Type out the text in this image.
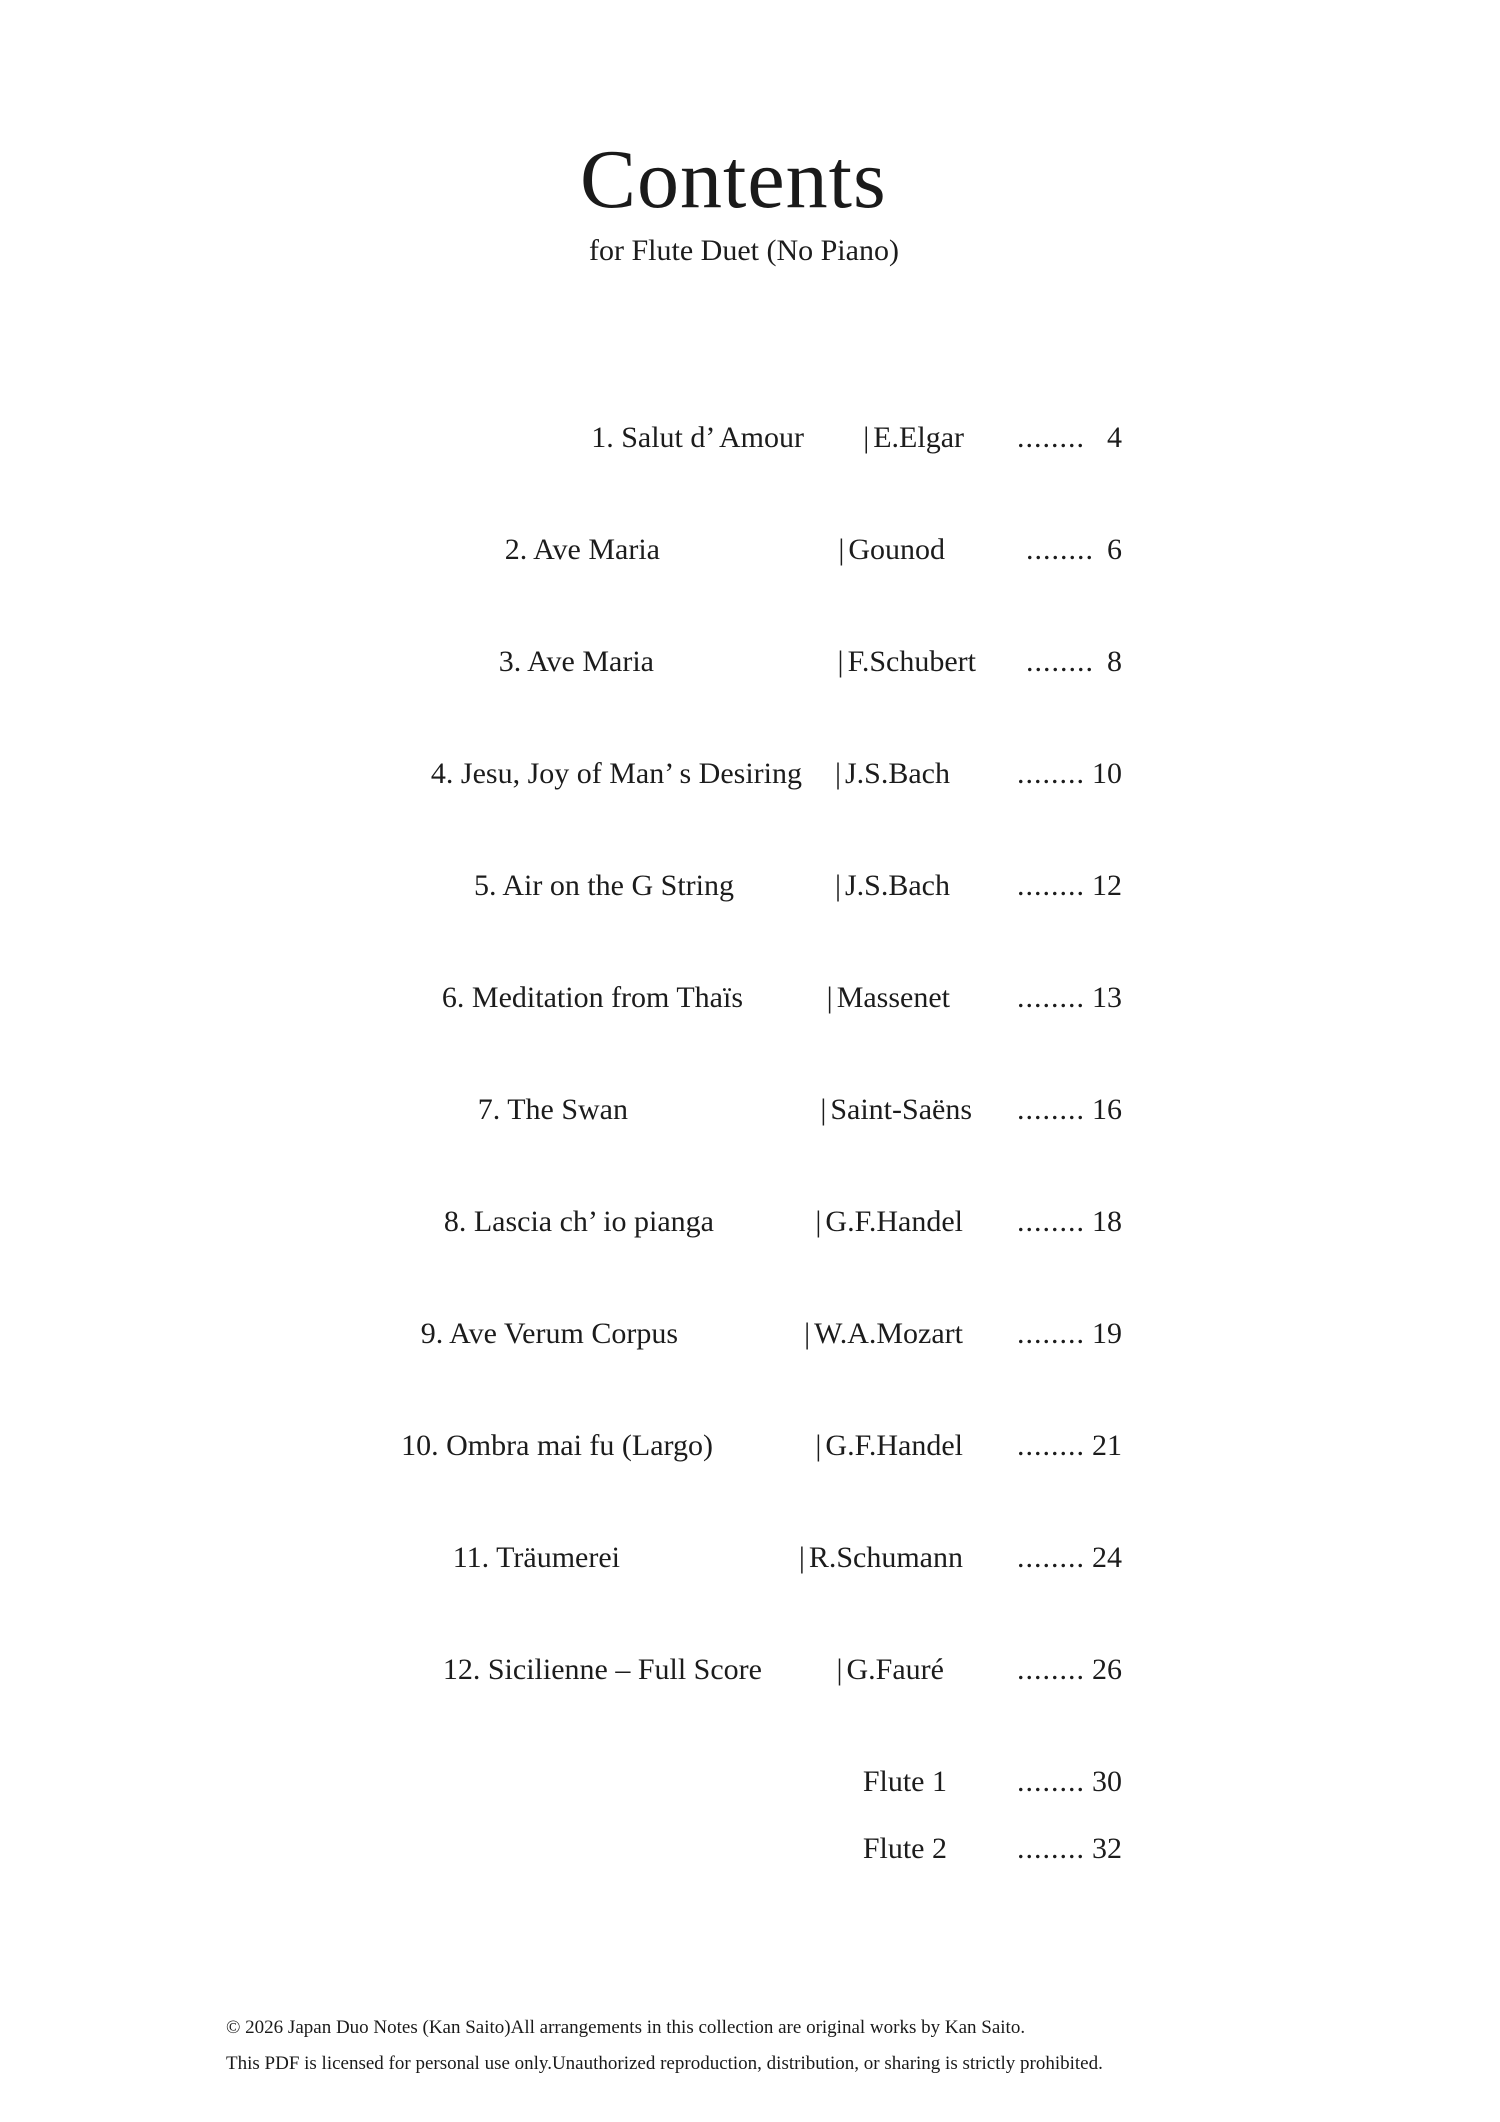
Contents
for Flute Duet (No Piano)
1. Salut d’ Amour | E.Elgar ........ 4
2. Ave Maria	| Gounod	........ 6
3. Ave Maria	| F.Schubert ........ 8
4. Jesu, Joy of Man’ s Desiring | J.S.Bach ........ 10
5. Air on the G String	| J.S.Bach ........ 12
6. Meditation from Thaïs	| Massenet ........ 13
7. The Swan	| Saint-Saëns ........ 16
8. Lascia ch’ io pianga	| G.F.Handel ........ 18
9. Ave Verum Corpus	| W.A.Mozart ........ 19
10. Ombra mai fu (Largo)	| G.F.Handel ........ 21
11. Träumerei	| R.Schumann ........ 24
12. Sicilienne – Full Score | G.Fauré ........ 26
Flute 1 ........ 30
Flute 2 ........ 32
© 2026 Japan Duo Notes (Kan Saito)All arrangements in this collection are original works by Kan Saito.
This PDF is licensed for personal use only.Unauthorized reproduction, distribution, or sharing is strictly prohibited.
